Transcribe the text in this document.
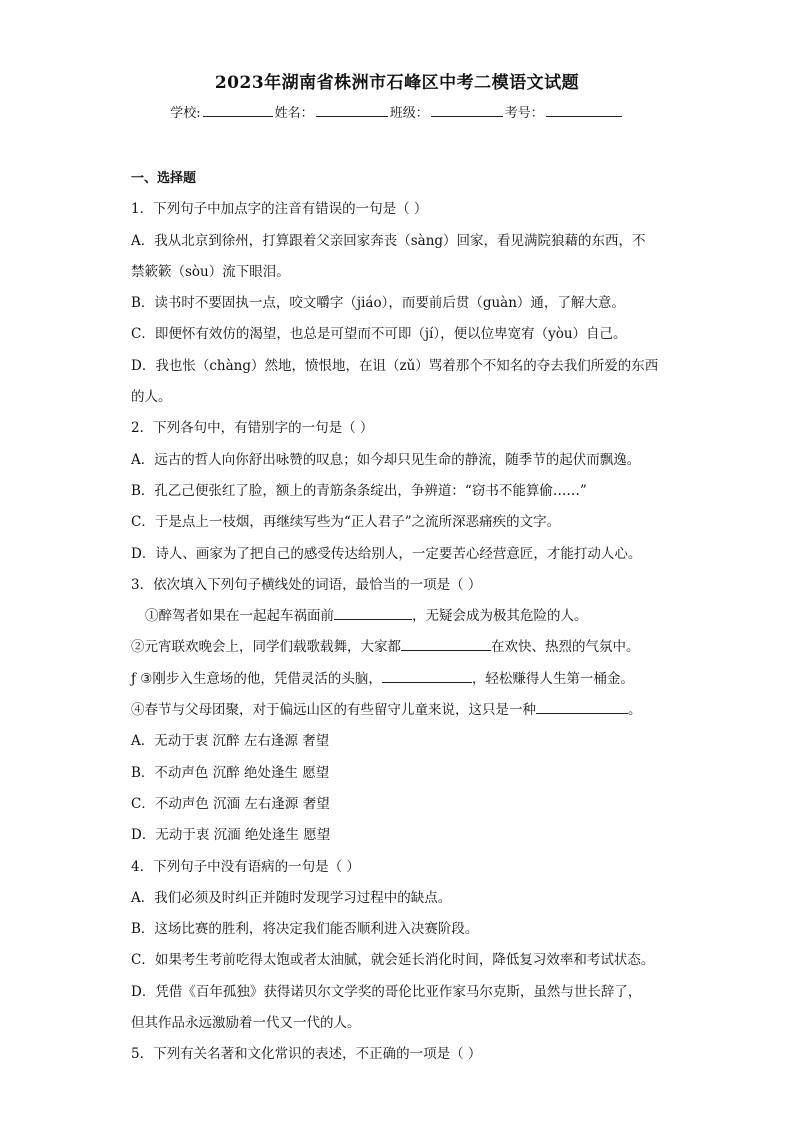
2023年湖南省株洲市石峰区中考二模语文试题
学校:	姓名：	班级：	考号：
一、选择题
1．下列句子中加点字的注音有错误的一句是（ ）
A．我从北京到徐州，打算跟着父亲回家奔丧（sàng）回家，看见满院狼藉的东西，不
禁簌簌（sòu）流下眼泪。
B．读书时不要固执一点，咬文嚼字（jiáo），而要前后贯（guàn）通，了解大意。
C．即便怀有效仿的渴望，也总是可望而不可即（jí），便以位卑宽宥（yòu）自己。
D．我也怅（chàng）然地，愤恨地，在诅（zǔ）骂着那个不知名的夺去我们所爱的东西
的人。
2．下列各句中，有错别字的一句是（ ）
A．远古的哲人向你舒出咏赞的叹息；如今却只见生命的静流，随季节的起伏而飘逸。
B．孔乙己便张红了脸，额上的青筋条条绽出，争辨道：“窃书不能算偷……”
C．于是点上一枝烟，再继续写些为“正人君子”之流所深恶痛疾的文字。
D．诗人、画家为了把自己的感受传达给别人，一定要苦心经营意匠，才能打动人心。
3．依次填入下列句子横线处的词语，最恰当的一项是（ ）
①醉驾者如果在一起起车祸面前	，无疑会成为极其危险的人。
②元宵联欢晚会上，同学们载歌载舞，大家都	在欢快、热烈的气氛中。
ƒ ③刚步入生意场的他，凭借灵活的头脑，	，轻松赚得人生第一桶金。
④春节与父母团聚，对于偏远山区的有些留守儿童来说，这只是一种	。
A．无动于衷 沉醉 左右逢源 奢望
B．不动声色 沉醉 绝处逢生 愿望
C．不动声色 沉湎 左右逢源 奢望
D．无动于衷 沉湎 绝处逢生 愿望
4．下列句子中没有语病的一句是（ ）
A．我们必须及时纠正并随时发现学习过程中的缺点。
B．这场比赛的胜利，将决定我们能否顺利进入决赛阶段。
C．如果考生考前吃得太饱或者太油腻，就会延长消化时间，降低复习效率和考试状态。
D．凭借《百年孤独》获得诺贝尔文学奖的哥伦比亚作家马尔克斯，虽然与世长辞了，
但其作品永远激励着一代又一代的人。
5．下列有关名著和文化常识的表述，不正确的一项是（ ）
